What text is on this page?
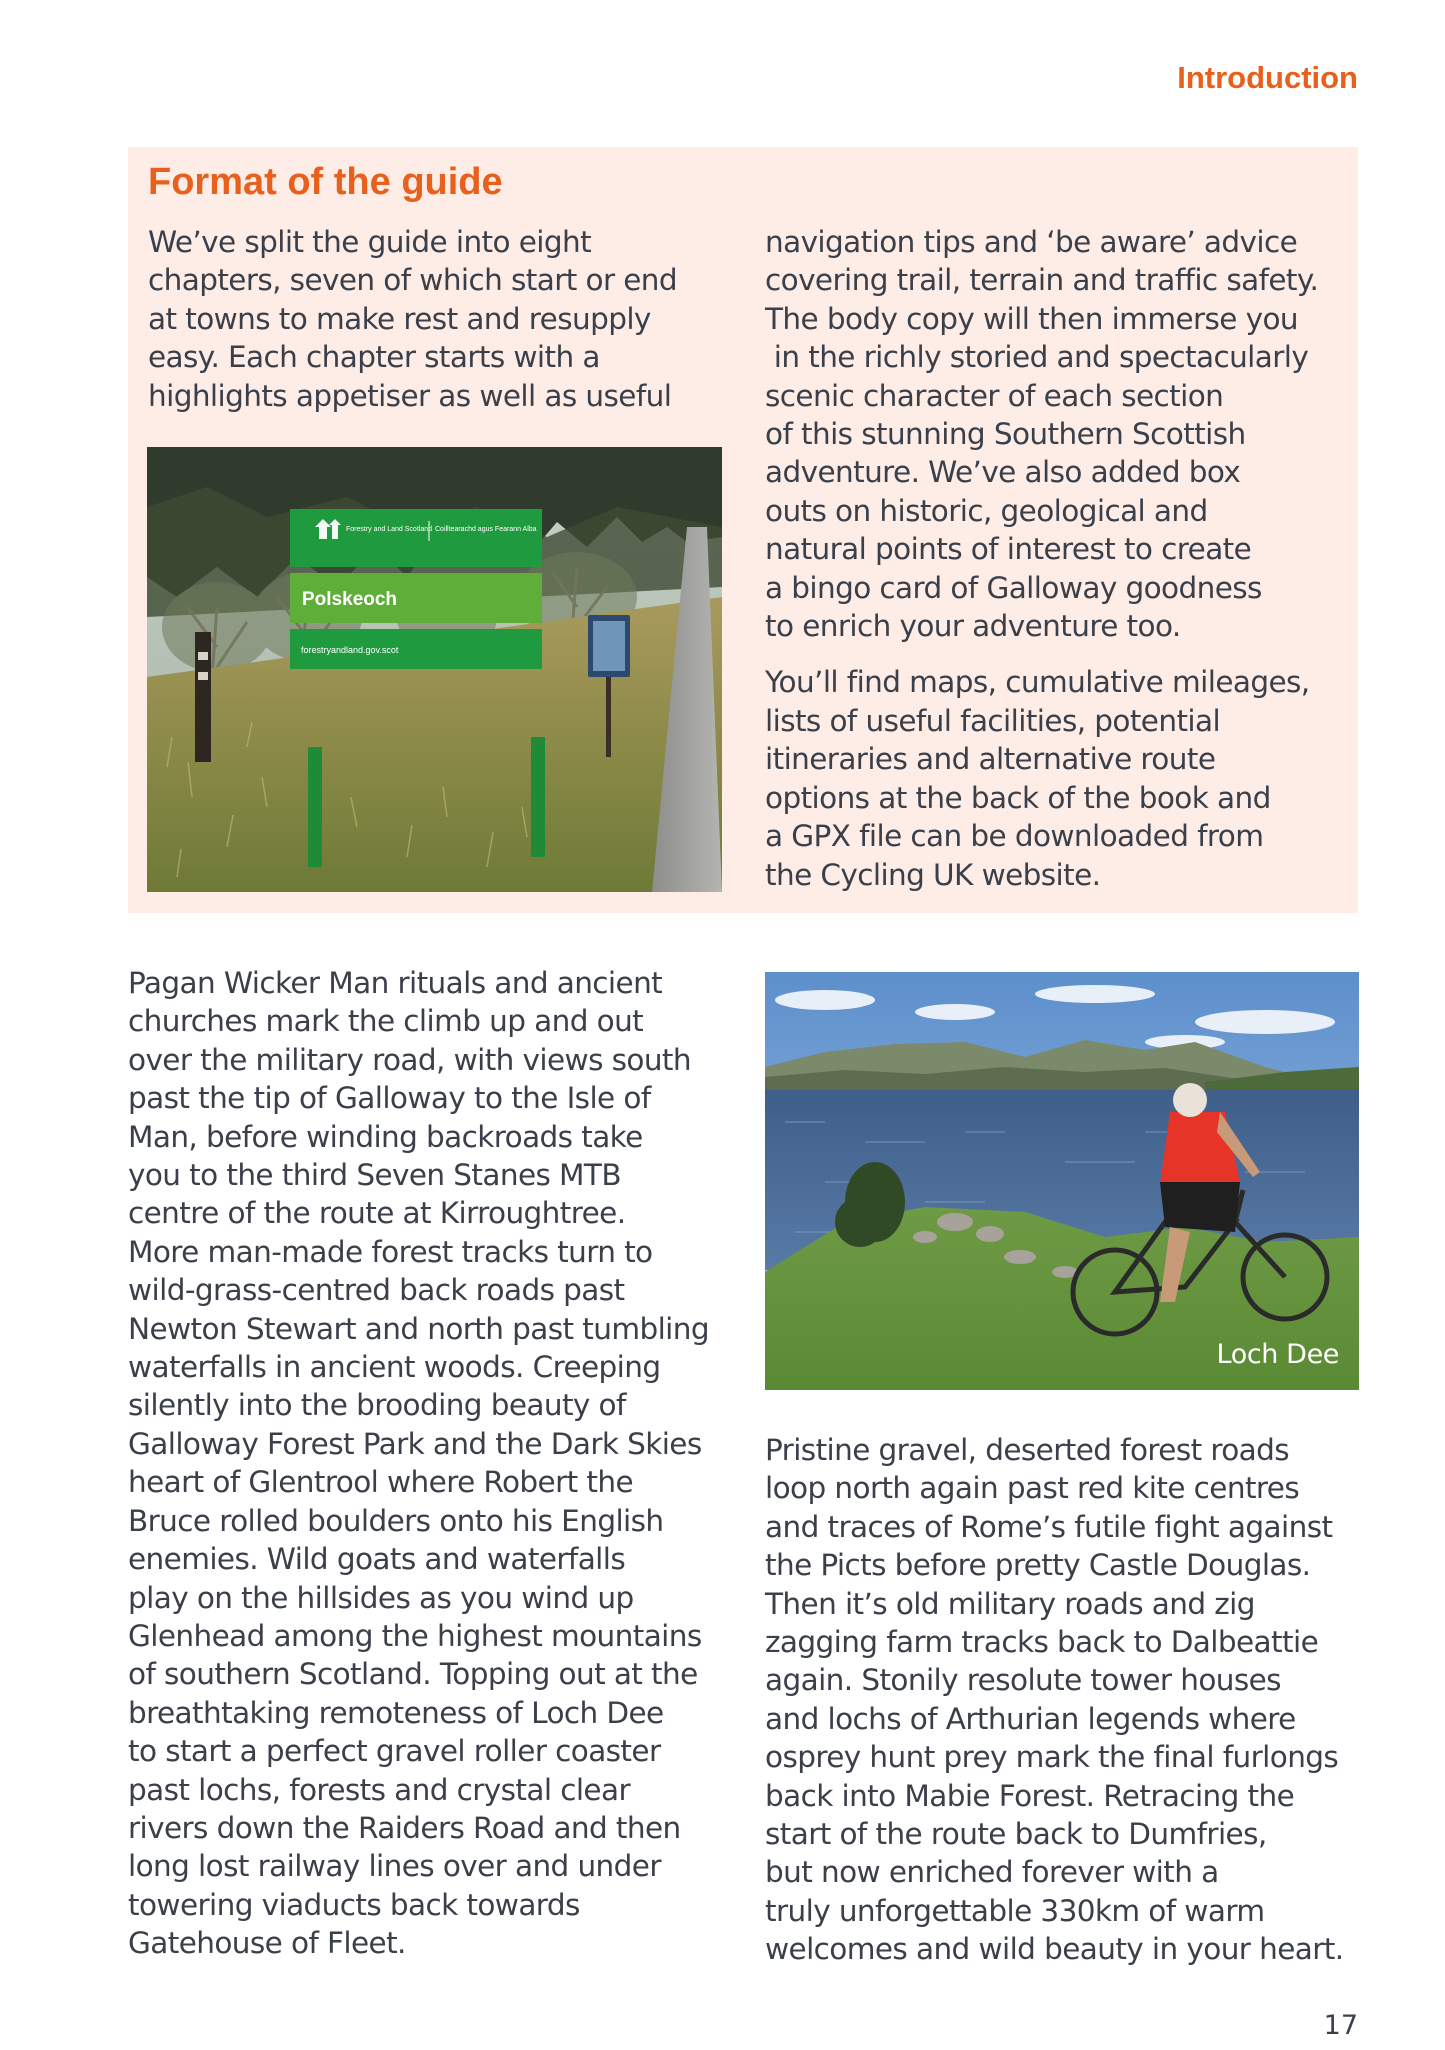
Introduction
Format of the guide
We’ve split the guide into eight
chapters, seven of which start or end
at towns to make rest and resupply
easy. Each chapter starts with a
highlights appetiser as well as useful
navigation tips and ‘be aware’ advice
covering trail, terrain and traffic safety.
The body copy will then immerse you
in the richly storied and spectacularly
scenic character of each section
of this stunning Southern Scottish
adventure. We’ve also added box
outs on historic, geological and
natural points of interest to create
a bingo card of Galloway goodness
to enrich your adventure too.
You’ll find maps, cumulative mileages,
lists of useful facilities, potential
itineraries and alternative route
options at the back of the book and
a GPX file can be downloaded from
the Cycling UK website.
Forestry and Land Scotland Coilltearachd agus Fearann Alba
Polskeoch
forestryandland.gov.scot
Pagan Wicker Man rituals and ancient
churches mark the climb up and out
over the military road, with views south
past the tip of Galloway to the Isle of
Man, before winding backroads take
you to the third Seven Stanes MTB
centre of the route at Kirroughtree.
More man-made forest tracks turn to
wild-grass-centred back roads past
Newton Stewart and north past tumbling
waterfalls in ancient woods. Creeping
silently into the brooding beauty of
Galloway Forest Park and the Dark Skies
heart of Glentrool where Robert the
Bruce rolled boulders onto his English
enemies. Wild goats and waterfalls
play on the hillsides as you wind up
Glenhead among the highest mountains
of southern Scotland. Topping out at the
breathtaking remoteness of Loch Dee
to start a perfect gravel roller coaster
past lochs, forests and crystal clear
rivers down the Raiders Road and then
long lost railway lines over and under
towering viaducts back towards
Gatehouse of Fleet.
Loch Dee
Pristine gravel, deserted forest roads
loop north again past red kite centres
and traces of Rome’s futile fight against
the Picts before pretty Castle Douglas.
Then it’s old military roads and zig
zagging farm tracks back to Dalbeattie
again. Stonily resolute tower houses
and lochs of Arthurian legends where
osprey hunt prey mark the final furlongs
back into Mabie Forest. Retracing the
start of the route back to Dumfries,
but now enriched forever with a
truly unforgettable 330km of warm
welcomes and wild beauty in your heart.
17
